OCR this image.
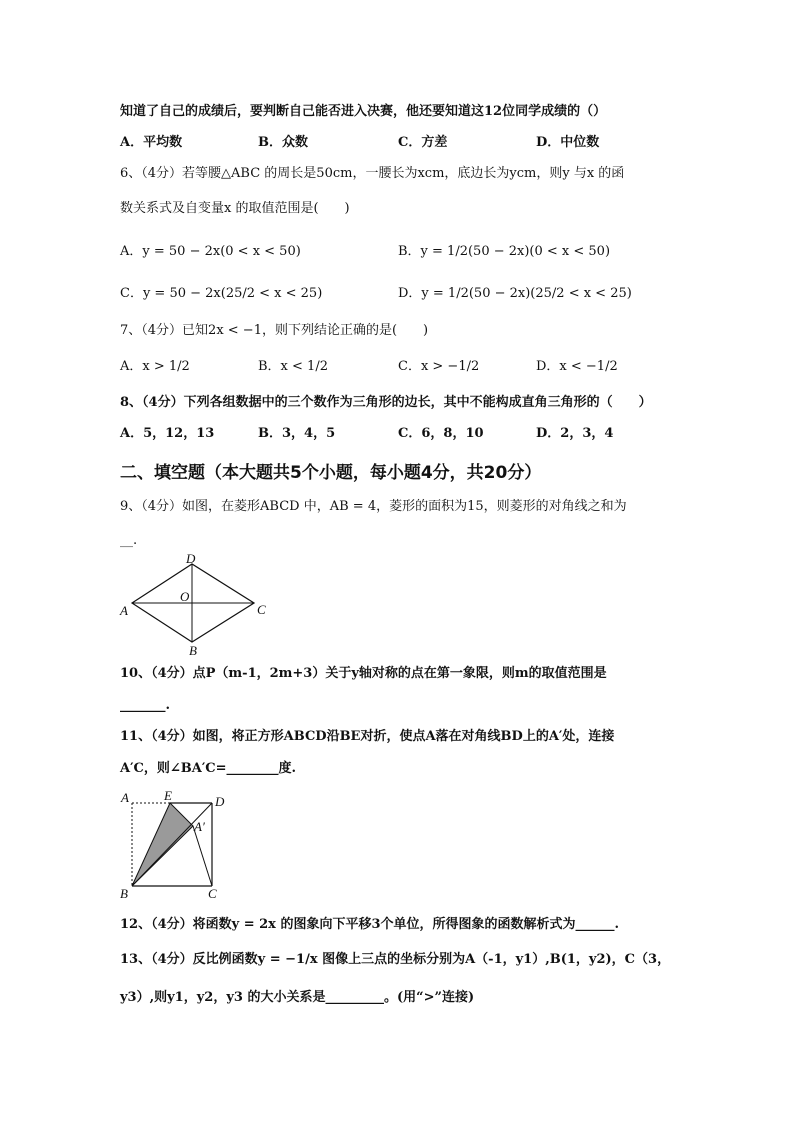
知道了自己的成绩后，要判断自己能否进入决赛，他还要知道这12位同学成绩的（）
A．平均数	B．众数	C．方差	D．中位数
6、（4分）若等腰△ABC 的周长是50cm，一腰长为xcm，底边长为ycm，则y 与x 的函
数关系式及自变量x 的取值范围是(　　)
A．y = 50 − 2x(0 < x < 50)	B．y = 1/2(50 − 2x)(0 < x < 50)
C．y = 50 − 2x(25/2 < x < 25)	D．y = 1/2(50 − 2x)(25/2 < x < 25)
7、（4分）已知2x < −1，则下列结论正确的是(　　)
A．x > 1/2	B．x < 1/2	C．x > −1/2	D．x < −1/2
8、（4分）下列各组数据中的三个数作为三角形的边长，其中不能构成直角三角形的（　　）
A．5，12，13	B．3，4，5	C．6，8，10	D．2，3，4
二、填空题（本大题共5个小题，每小题4分，共20分）
9、（4分）如图，在菱形ABCD 中，AB = 4，菱形的面积为15，则菱形的对角线之和为
__.
D
O
A	C
B
10、（4分）点P（m-1，2m+3）关于y轴对称的点在第一象限，则m的取值范围是
_______.
11、（4分）如图，将正方形ABCD沿BE对折，使点A落在对角线BD上的A′处，连接
A′C，则∠BA′C=________度.
A	E	D
A′
B	C
12、（4分）将函数y = 2x 的图象向下平移3个单位，所得图象的函数解析式为______.
13、（4分）反比例函数y = −1/x 图像上三点的坐标分别为A（-1，y1）,B(1，y2)，C（3，
y3）,则y1，y2，y3 的大小关系是_________。(用“>”连接)
